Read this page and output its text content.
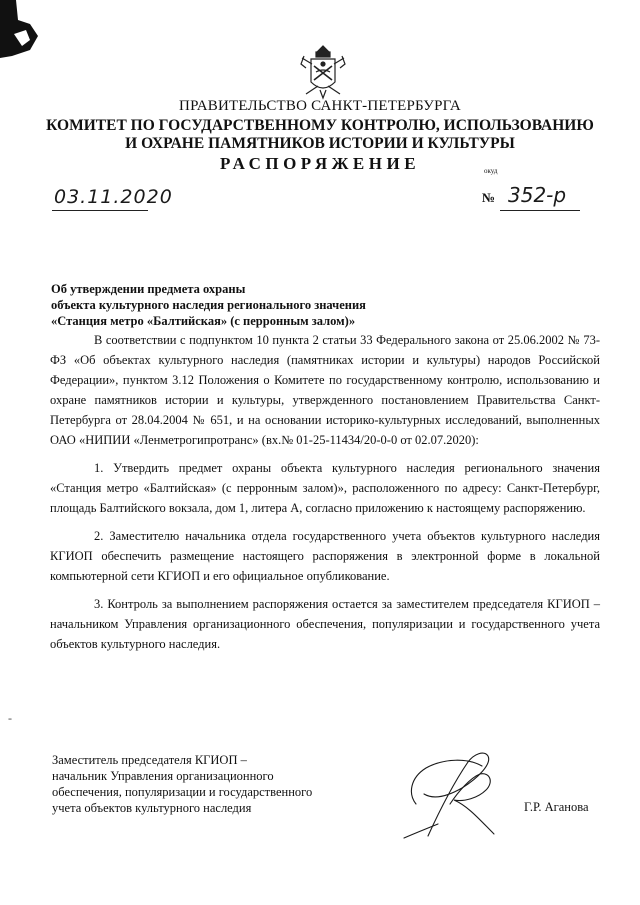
ПРАВИТЕЛЬСТВО САНКТ-ПЕТЕРБУРГА
КОМИТЕТ ПО ГОСУДАРСТВЕННОМУ КОНТРОЛЮ, ИСПОЛЬЗОВАНИЮ
И ОХРАНЕ ПАМЯТНИКОВ ИСТОРИИ И КУЛЬТУРЫ
РАСПОРЯЖЕНИЕ	окуд
03.11.2020	№ 352-р
Об утверждении предмета охраны
объекта культурного наследия регионального значения
«Станция метро «Балтийская» (с перронным залом)»

В соответствии с подпунктом 10 пункта 2 статьи 33 Федерального закона от 25.06.2002 № 73-ФЗ «Об объектах культурного наследия (памятниках истории и культуры) народов Российской Федерации», пунктом 3.12 Положения о Комитете по государственному контролю, использованию и охране памятников истории и культуры, утвержденного постановлением Правительства Санкт-Петербурга от 28.04.2004 № 651, и на основании историко-культурных исследований, выполненных ОАО «НИПИИ «Ленметрогипротранс» (вх.№ 01-25-11434/20-0-0 от 02.07.2020):

1. Утвердить предмет охраны объекта культурного наследия регионального значения «Станция метро «Балтийская» (с перронным залом)», расположенного по адресу: Санкт-Петербург, площадь Балтийского вокзала, дом 1, литера А, согласно приложению к настоящему распоряжению.

2. Заместителю начальника отдела государственного учета объектов культурного наследия КГИОП обеспечить размещение настоящего распоряжения в электронной форме в локальной компьютерной сети КГИОП и его официальное опубликование.

3. Контроль за выполнением распоряжения остается за заместителем председателя КГИОП – начальником Управления организационного обеспечения, популяризации и государственного учета объектов культурного наследия.

-
Заместитель председателя КГИОП –
начальник Управления организационного
обеспечения, популяризации и государственного
учета объектов культурного наследия	Г.Р. Аганова
